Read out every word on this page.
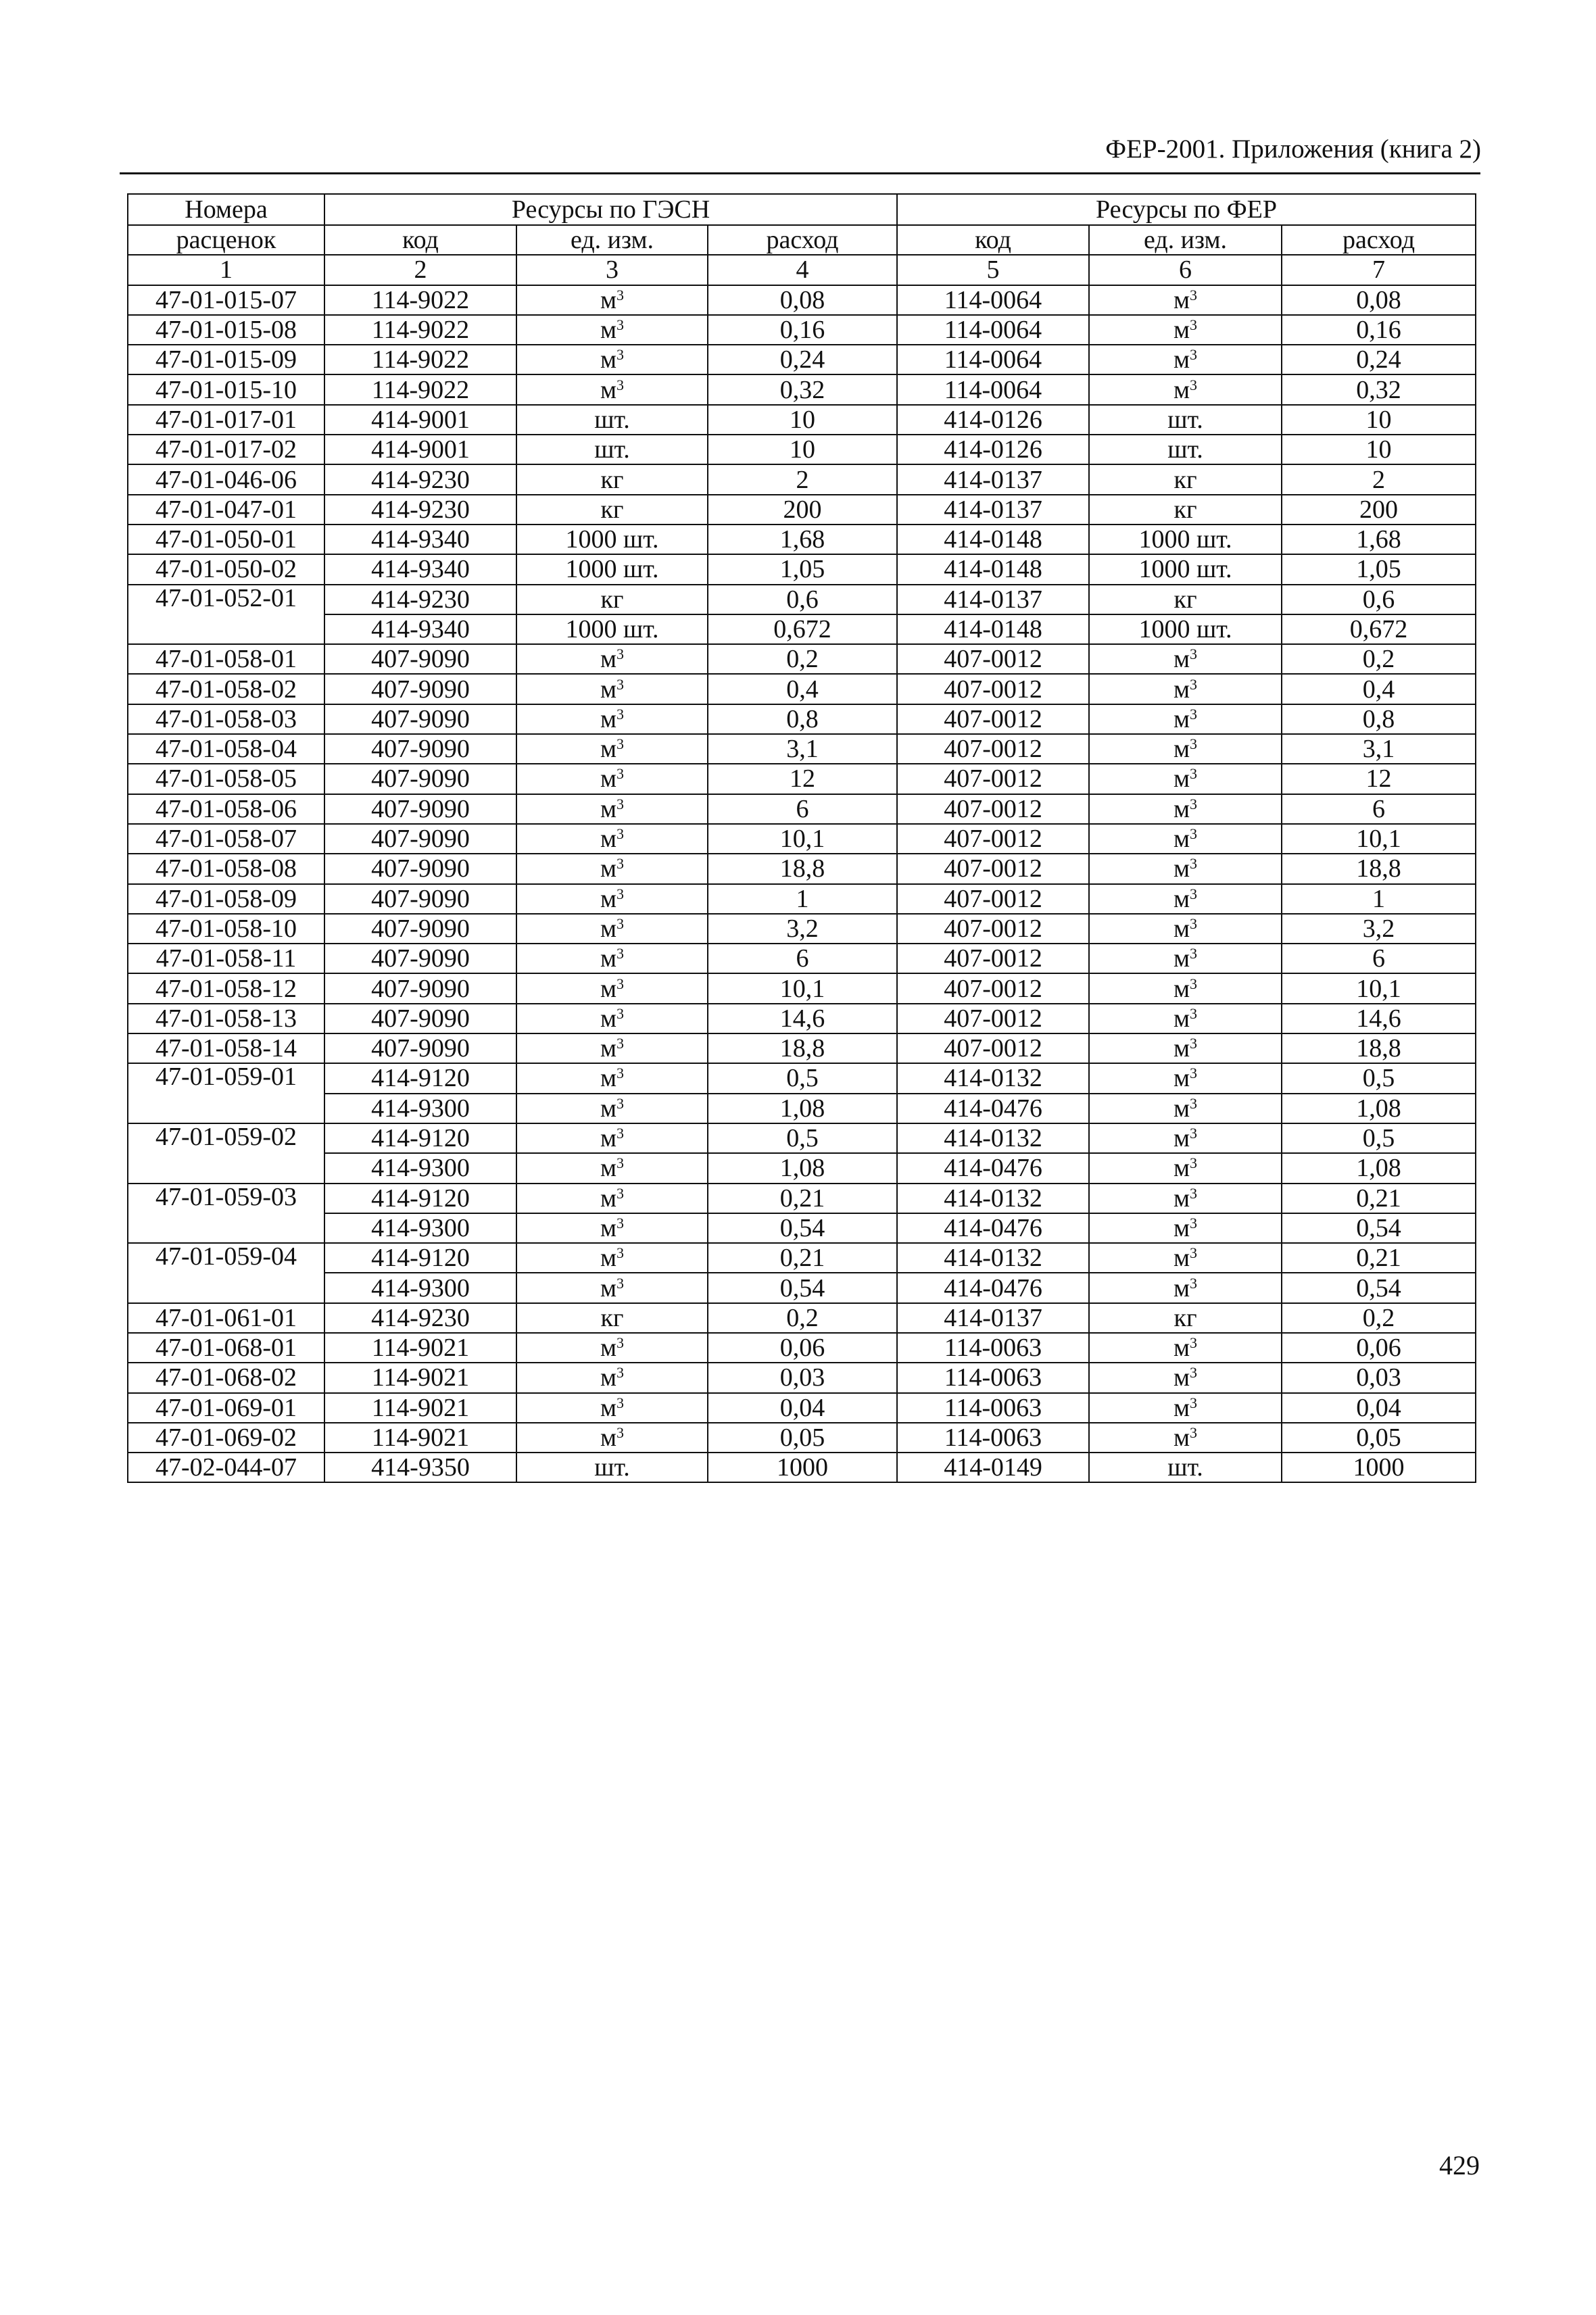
ФЕР-2001. Приложения (книга 2)
Номера	Ресурсы по ГЭСН			Ресурсы по ФЕР		
расценок	код	ед. изм.	расход	код	ед. изм.	расход
1	2	3	4	5	6	7
47-01-015-07	114-9022	$м^3$	0,08	114-0064	$м^3$	0,08
47-01-015-08	114-9022	$м^3$	0,16	114-0064	$м^3$	0,16
47-01-015-09	114-9022	$м^3$	0,24	114-0064	$м^3$	0,24
47-01-015-10	114-9022	$м^3$	0,32	114-0064	$м^3$	0,32
47-01-017-01	414-9001	шт.	10	414-0126	шт.	10
47-01-017-02	414-9001	шт.	10	414-0126	шт.	10
47-01-046-06	414-9230	кг	2	414-0137	кг	2
47-01-047-01	414-9230	кг	200	414-0137	кг	200
47-01-050-01	414-9340	1000 шт.	1,68	414-0148	1000 шт.	1,68
47-01-050-02	414-9340	1000 шт.	1,05	414-0148	1000 шт.	1,05
47-01-052-01	414-9230	кг	0,6	414-0137	кг	0,6
	414-9340	1000 шт.	0,672	414-0148	1000 шт.	0,672
47-01-058-01	407-9090	$м^3$	0,2	407-0012	$м^3$	0,2
47-01-058-02	407-9090	$м^3$	0,4	407-0012	$м^3$	0,4
47-01-058-03	407-9090	$м^3$	0,8	407-0012	$м^3$	0,8
47-01-058-04	407-9090	$м^3$	3,1	407-0012	$м^3$	3,1
47-01-058-05	407-9090	$м^3$	12	407-0012	$м^3$	12
47-01-058-06	407-9090	$м^3$	6	407-0012	$м^3$	6
47-01-058-07	407-9090	$м^3$	10,1	407-0012	$м^3$	10,1
47-01-058-08	407-9090	$м^3$	18,8	407-0012	$м^3$	18,8
47-01-058-09	407-9090	$м^3$	1	407-0012	$м^3$	1
47-01-058-10	407-9090	$м^3$	3,2	407-0012	$м^3$	3,2
47-01-058-11	407-9090	$м^3$	6	407-0012	$м^3$	6
47-01-058-12	407-9090	$м^3$	10,1	407-0012	$м^3$	10,1
47-01-058-13	407-9090	$м^3$	14,6	407-0012	$м^3$	14,6
47-01-058-14	407-9090	$м^3$	18,8	407-0012	$м^3$	18,8
47-01-059-01	414-9120	$м^3$	0,5	414-0132	$м^3$	0,5
	414-9300	$м^3$	1,08	414-0476	$м^3$	1,08
47-01-059-02	414-9120	$м^3$	0,5	414-0132	$м^3$	0,5
	414-9300	$м^3$	1,08	414-0476	$м^3$	1,08
47-01-059-03	414-9120	$м^3$	0,21	414-0132	$м^3$	0,21
	414-9300	$м^3$	0,54	414-0476	$м^3$	0,54
47-01-059-04	414-9120	$м^3$	0,21	414-0132	$м^3$	0,21
	414-9300	$м^3$	0,54	414-0476	$м^3$	0,54
47-01-061-01	414-9230	кг	0,2	414-0137	кг	0,2
47-01-068-01	114-9021	$м^3$	0,06	114-0063	$м^3$	0,06
47-01-068-02	114-9021	$м^3$	0,03	114-0063	$м^3$	0,03
47-01-069-01	114-9021	$м^3$	0,04	114-0063	$м^3$	0,04
47-01-069-02	114-9021	$м^3$	0,05	114-0063	$м^3$	0,05
47-02-044-07	414-9350	шт.	1000	414-0149	шт.	1000
429
